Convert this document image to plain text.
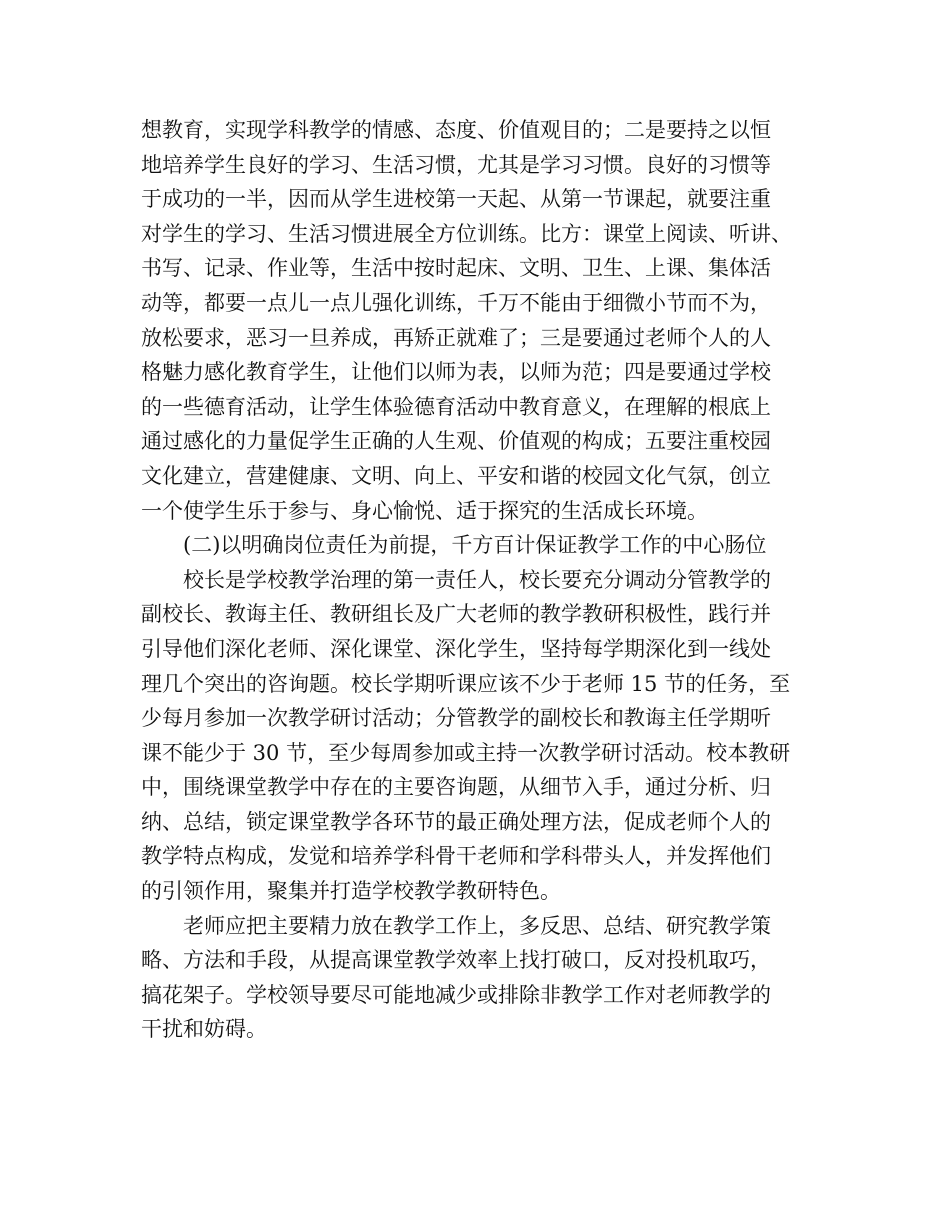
想教育，实现学科教学的情感、态度、价值观目的；二是要持之以恒
地培养学生良好的学习、生活习惯，尤其是学习习惯。良好的习惯等
于成功的一半，因而从学生进校第一天起、从第一节课起，就要注重
对学生的学习、生活习惯进展全方位训练。比方：课堂上阅读、听讲、
书写、记录、作业等，生活中按时起床、文明、卫生、上课、集体活
动等，都要一点儿一点儿强化训练，千万不能由于细微小节而不为，
放松要求，恶习一旦养成，再矫正就难了；三是要通过老师个人的人
格魅力感化教育学生，让他们以师为表，以师为范；四是要通过学校
的一些德育活动，让学生体验德育活动中教育意义，在理解的根底上
通过感化的力量促学生正确的人生观、价值观的构成；五要注重校园
文化建立，营建健康、文明、向上、平安和谐的校园文化气氛，创立
一个使学生乐于参与、身心愉悦、适于探究的生活成长环境。
(二)以明确岗位责任为前提，千方百计保证教学工作的中心肠位
校长是学校教学治理的第一责任人，校长要充分调动分管教学的
副校长、教诲主任、教研组长及广大老师的教学教研积极性，践行并
引导他们深化老师、深化课堂、深化学生，坚持每学期深化到一线处
理几个突出的咨询题。校长学期听课应该不少于老师 15 节的任务，至
少每月参加一次教学研讨活动；分管教学的副校长和教诲主任学期听
课不能少于 30 节，至少每周参加或主持一次教学研讨活动。校本教研
中，围绕课堂教学中存在的主要咨询题，从细节入手，通过分析、归
纳、总结，锁定课堂教学各环节的最正确处理方法，促成老师个人的
教学特点构成，发觉和培养学科骨干老师和学科带头人，并发挥他们
的引领作用，聚集并打造学校教学教研特色。
老师应把主要精力放在教学工作上，多反思、总结、研究教学策
略、方法和手段，从提高课堂教学效率上找打破口，反对投机取巧，
搞花架子。学校领导要尽可能地减少或排除非教学工作对老师教学的
干扰和妨碍。
